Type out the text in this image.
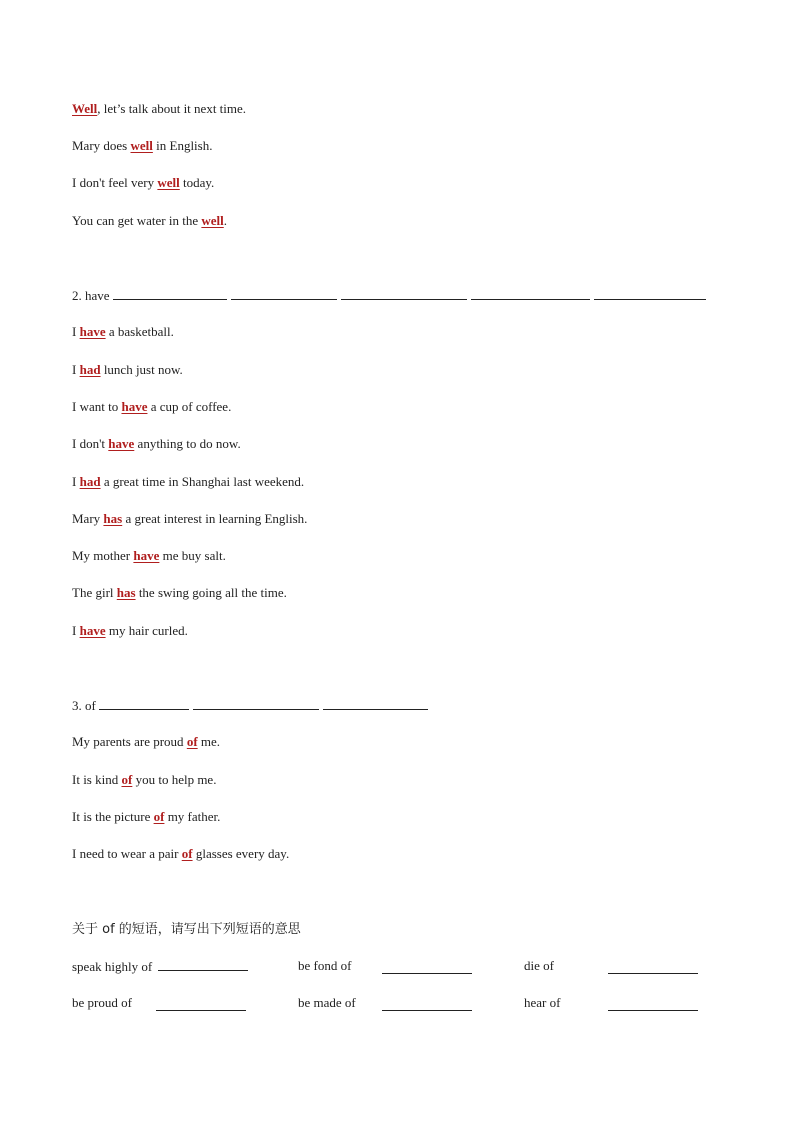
Well, let’s talk about it next time.
Mary does well in English.
I don't feel very well today.
You can get water in the well.
2. have
I have a basketball.
I had lunch just now.
I want to have a cup of coffee.
I don't have anything to do now.
I had a great time in Shanghai last weekend.
Mary has a great interest in learning English.
My mother have me buy salt.
The girl has the swing going all the time.
I have my hair curled.
3. of
My parents are proud of me.
It is kind of you to help me.
It is the picture of my father.
I need to wear a pair of glasses every day.
关于 of 的短语，请写出下列短语的意思
speak highly of	be fond of	die of
be proud of	be made of	hear of
